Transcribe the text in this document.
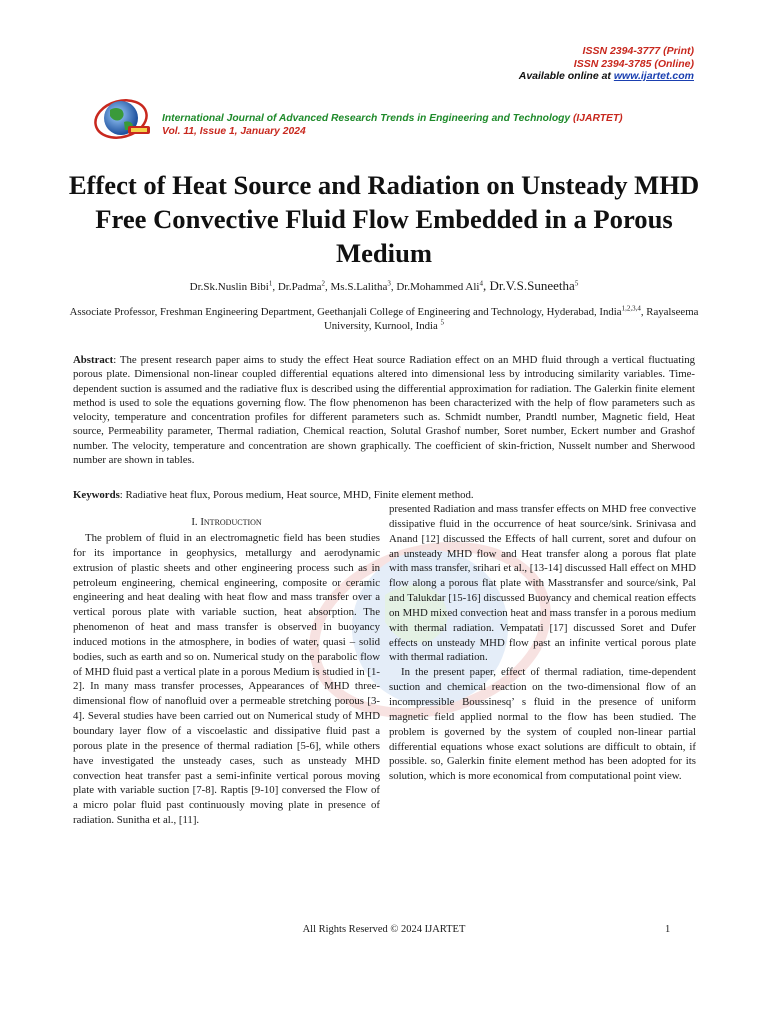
ISSN 2394-3777 (Print)
ISSN 2394-3785 (Online)
Available online at www.ijartet.com
International Journal of Advanced Research Trends in Engineering and Technology (IJARTET)
Vol. 11, Issue 1, January 2024
Effect of Heat Source and Radiation on Unsteady MHD Free Convective Fluid Flow Embedded in a Porous Medium
Dr.Sk.Nuslin Bibi$^1$, Dr.Padma$^2$, Ms.S.Lalitha$^3$, Dr.Mohammed Ali$^4$, Dr.V.S.Suneetha$^5$
Associate Professor, Freshman Engineering Department, Geethanjali College of Engineering and Technology, Hyderabad, India$^{1,2,3,4}$, Rayalseema University, Kurnool, India $^5$
Abstract: The present research paper aims to study the effect Heat source Radiation effect on an MHD fluid through a vertical fluctuating porous plate. Dimensional non-linear coupled differential equations altered into dimensional less by introducing similarity variables. Time-dependent suction is assumed and the radiative flux is described using the differential approximation for radiation. The Galerkin finite element method is used to sole the equations governing flow. The flow phenomenon has been characterized with the help of flow parameters such as velocity, temperature and concentration profiles for different parameters such as. Schmidt number, Prandtl number, Magnetic field, Heat source, Permeability parameter, Thermal radiation, Chemical reaction, Solutal Grashof number, Soret number, Eckert number and Grashof number. The velocity, temperature and concentration are shown graphically. The coefficient of skin-friction, Nusselt number and Sherwood number are shown in tables.
Keywords: Radiative heat flux, Porous medium, Heat source, MHD, Finite element method.
I. Introduction

The problem of fluid in an electromagnetic field has been studies for its importance in geophysics, metallurgy and aerodynamic extrusion of plastic sheets and other engineering process such as in petroleum engineering, chemical engineering, composite or ceramic engineering and heat dealing with heat flow and mass transfer over a vertical porous plate with variable suction, heat absorption. The phenomenon of heat and mass transfer is observed in buoyancy induced motions in the atmosphere, in bodies of water, quasi – solid bodies, such as earth and so on. Numerical study on the parabolic flow of MHD fluid past a vertical plate in a porous Medium is studied in [1-2]. In many mass transfer processes, Appearances of MHD three-dimensional flow of nanofluid over a permeable stretching porous [3-4]. Several studies have been carried out on Numerical study of MHD boundary layer flow of a viscoelastic and dissipative fluid past a porous plate in the presence of thermal radiation [5-6], while others have investigated the unsteady cases, such as unsteady MHD convection heat transfer past a semi-infinite vertical porous moving plate with variable suction [7-8]. Raptis [9-10] conversed the Flow of a micro polar fluid past continuously moving plate in presence of radiation. Sunitha et al., [11].

presented Radiation and mass transfer effects on MHD free convective dissipative fluid in the occurrence of heat source/sink. Srinivasa and Anand [12] discussed the Effects of hall current, soret and dufour on an unsteady MHD flow and Heat transfer along a porous flat plate with mass transfer, srihari et al., [13-14] discussed Hall effect on MHD flow along a porous flat plate with Masstransfer and source/sink, Pal and Talukdar [15-16] discussed Buoyancy and chemical reation effects on MHD mixed convection heat and mass transfer in a porous medium with thermal radiation. Vempatati [17] discussed Soret and Dufer effects on unsteady MHD flow past an infinite vertical porous plate with thermal radiation.

In the present paper, effect of thermal radiation, time-dependent suction and chemical reaction on the two-dimensional flow of an incompressible Boussinesq’ s fluid in the presence of uniform magnetic field applied normal to the flow has been studied. The problem is governed by the system of coupled non-linear partial differential equations whose exact solutions are difficult to obtain, if possible. so, Galerkin finite element method has been adopted for its solution, which is more economical from computational point view.

All Rights Reserved © 2024 IJARTET	1
